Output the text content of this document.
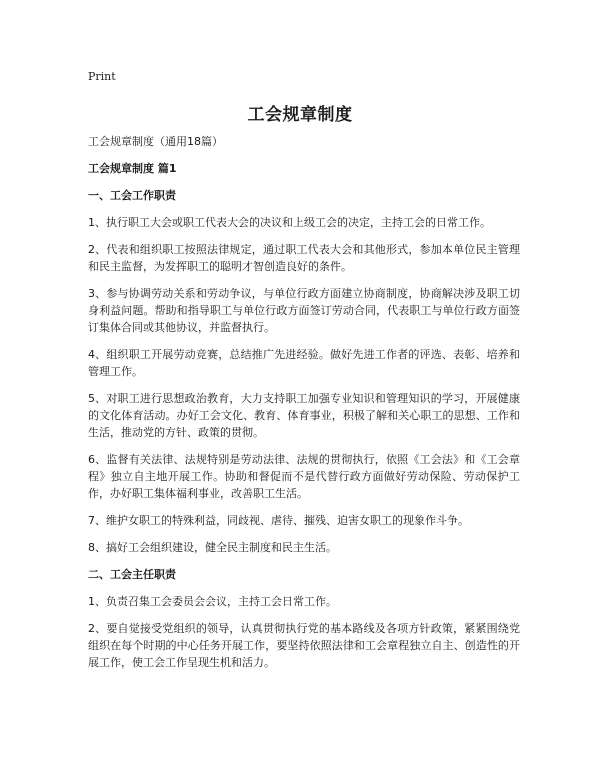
Print
工会规章制度

工会规章制度（通用18篇）

工会规章制度 篇1

一、工会工作职责

1、执行职工大会或职工代表大会的决议和上级工会的决定，主持工会的日常工作。

2、代表和组织职工按照法律规定，通过职工代表大会和其他形式，参加本单位民主管理和民主监督，为发挥职工的聪明才智创造良好的条件。

3、参与协调劳动关系和劳动争议，与单位行政方面建立协商制度，协商解决涉及职工切身利益问题。帮助和指导职工与单位行政方面签订劳动合同，代表职工与单位行政方面签订集体合同或其他协议，并监督执行。

4、组织职工开展劳动竞赛，总结推广先进经验。做好先进工作者的评选、表彰、培养和管理工作。

5、对职工进行思想政治教育，大力支持职工加强专业知识和管理知识的学习，开展健康的文化体育活动。办好工会文化、教育、体育事业，积极了解和关心职工的思想、工作和生活，推动党的方针、政策的贯彻。

6、监督有关法律、法规特别是劳动法律、法规的贯彻执行，依照《工会法》和《工会章程》独立自主地开展工作。协助和督促而不是代替行政方面做好劳动保险、劳动保护工作，办好职工集体福利事业，改善职工生活。

7、维护女职工的特殊利益，同歧视、虐待、摧残、迫害女职工的现象作斗争。

8、搞好工会组织建设，健全民主制度和民主生活。

二、工会主任职责

1、负责召集工会委员会会议，主持工会日常工作。

2、要自觉接受党组织的领导，认真贯彻执行党的基本路线及各项方针政策，紧紧围绕党组织在每个时期的中心任务开展工作，要坚持依照法律和工会章程独立自主、创造性的开展工作，使工会工作呈现生机和活力。
